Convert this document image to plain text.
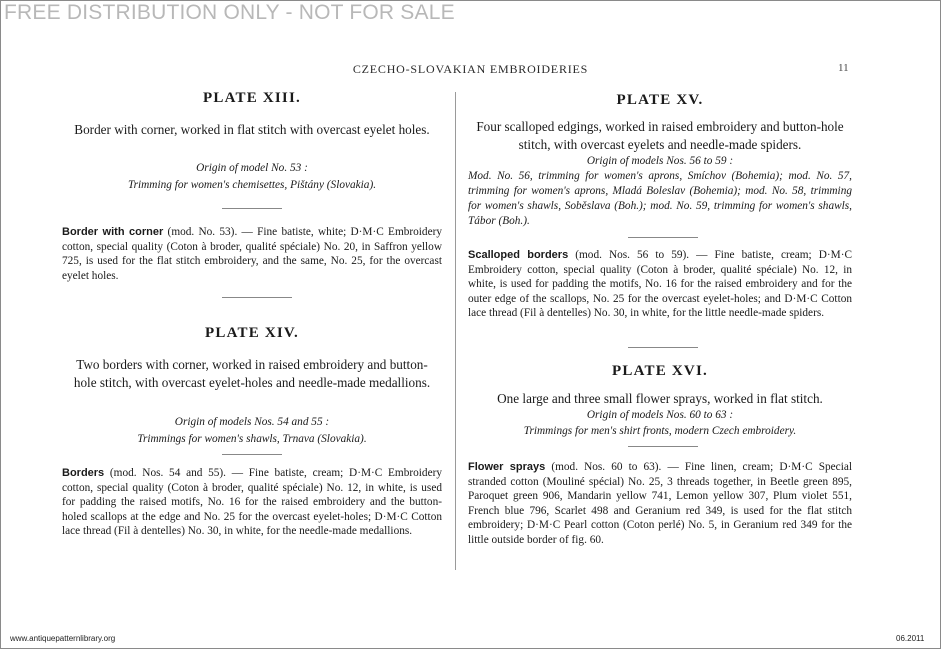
FREE DISTRIBUTION ONLY - NOT FOR SALE
CZECHO-SLOVAKIAN EMBROIDERIES	11
PLATE XIII.
Border with corner, worked in flat stitch with overcast eyelet holes.
Origin of model No. 53 :
Trimming for women's chemisettes, Pištány (Slovakia).
Border with corner (mod. No. 53). — Fine batiste, white; D·M·C Embroidery cotton, special quality (Coton à broder, qualité spéciale) No. 20, in Saffron yellow 725, is used for the flat stitch embroidery, and the same, No. 25, for the overcast eyelet holes.
PLATE XIV.
Two borders with corner, worked in raised embroidery and button-hole stitch, with overcast eyelet-holes and needle-made medallions.
Origin of models Nos. 54 and 55 :
Trimmings for women's shawls, Trnava (Slovakia).
Borders (mod. Nos. 54 and 55). — Fine batiste, cream; D·M·C Embroidery cotton, special quality (Coton à broder, qualité spéciale) No. 12, in white, is used for padding the raised motifs, No. 16 for the raised embroidery and the button-holed scallops at the edge and No. 25 for the overcast eyelet-holes; D·M·C Cotton lace thread (Fil à dentelles) No. 30, in white, for the needle-made medallions.
PLATE XV.
Four scalloped edgings, worked in raised embroidery and button-hole stitch, with overcast eyelets and needle-made spiders.
Origin of models Nos. 56 to 59 :
Mod. No. 56, trimming for women's aprons, Smíchov (Bohemia); mod. No. 57, trimming for women's aprons, Mladá Boleslav (Bohemia); mod. No. 58, trimming for women's shawls, Soběslava (Boh.); mod. No. 59, trimming for women's shawls, Tábor (Boh.).
Scalloped borders (mod. Nos. 56 to 59). — Fine batiste, cream; D·M·C Embroidery cotton, special quality (Coton à broder, qualité spéciale) No. 12, in white, is used for padding the motifs, No. 16 for the raised embroidery and for the outer edge of the scallops, No. 25 for the overcast eyelet-holes; and D·M·C Cotton lace thread (Fil à dentelles) No. 30, in white, for the little needle-made spiders.
PLATE XVI.
One large and three small flower sprays, worked in flat stitch.
Origin of models Nos. 60 to 63 :
Trimmings for men's shirt fronts, modern Czech embroidery.
Flower sprays (mod. Nos. 60 to 63). — Fine linen, cream; D·M·C Special stranded cotton (Mouliné spécial) No. 25, 3 threads together, in Beetle green 895, Paroquet green 906, Mandarin yellow 741, Lemon yellow 307, Plum violet 551, French blue 796, Scarlet 498 and Geranium red 349, is used for the flat stitch embroidery; D·M·C Pearl cotton (Coton perlé) No. 5, in Geranium red 349 for the little outside border of fig. 60.
www.antiquepatternlibrary.org	06.2011
